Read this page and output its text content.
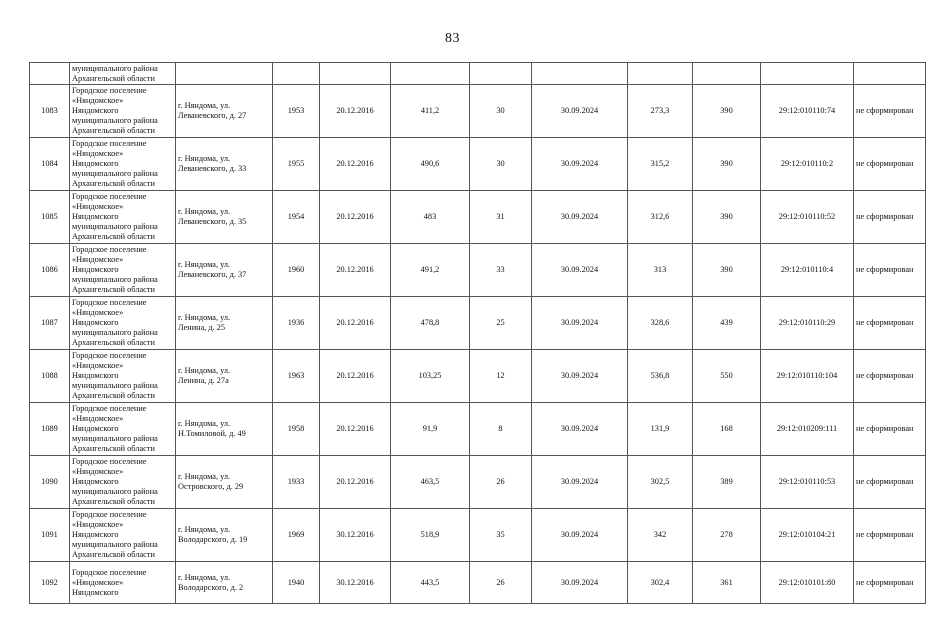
83

	муниципального района
Архангельской области										

1083	Городское поселение
«Няндомское»
Няндомского
муниципального района
Архангельской области	г. Няндома, ул.
Леваневского, д. 27	1953	20.12.2016	411,2	30	30.09.2024	273,3	390	29:12:010110:74	не сформирован
1084	Городское поселение
«Няндомское»
Няндомского
муниципального района
Архангельской области	г. Няндома, ул.
Леваневского, д. 33	1955	20.12.2016	490,6	30	30.09.2024	315,2	390	29:12:010110:2	не сформирован
1085	Городское поселение
«Няндомское»
Няндомского
муниципального района
Архангельской области	г. Няндома, ул.
Леваневского, д. 35	1954	20.12.2016	483	31	30.09.2024	312,6	390	29:12:010110:52	не сформирован
1086	Городское поселение
«Няндомское»
Няндомского
муниципального района
Архангельской области	г. Няндома, ул.
Леваневского, д. 37	1960	20.12.2016	491,2	33	30.09.2024	313	390	29:12:010110:4	не сформирован
1087	Городское поселение
«Няндомское»
Няндомского
муниципального района
Архангельской области	г. Няндома, ул.
Ленина, д. 25	1936	20.12.2016	478,8	25	30.09.2024	328,6	439	29:12:010110:29	не сформирован
1088	Городское поселение
«Няндомское»
Няндомского
муниципального района
Архангельской области	г. Няндома, ул.
Ленина, д. 27а	1963	20.12.2016	103,25	12	30.09.2024	536,8	550	29:12:010110:104	не сформирован
1089	Городское поселение
«Няндомское»
Няндомского
муниципального района
Архангельской области	г. Няндома, ул.
Н.Томиловой, д. 49	1958	20.12.2016	91,9	8	30.09.2024	131,9	168	29:12:010209:111	не сформирован
1090	Городское поселение
«Няндомское»
Няндомского
муниципального района
Архангельской области	г. Няндома, ул.
Островского, д. 29	1933	20.12.2016	463,5	26	30.09.2024	302,5	389	29:12:010110:53	не сформирован
1091	Городское поселение
«Няндомское»
Няндомского
муниципального района
Архангельской области	г. Няндома, ул.
Володарского, д. 19	1969	30.12.2016	518,9	35	30.09.2024	342	278	29:12:010104:21	не сформирован
1092	Городское поселение
«Няндомское»
Няндомского	г. Няндома, ул.
Володарского, д. 2	1940	30.12.2016	443,5	26	30.09.2024	302,4	361	29:12:010101:80	не сформирован
